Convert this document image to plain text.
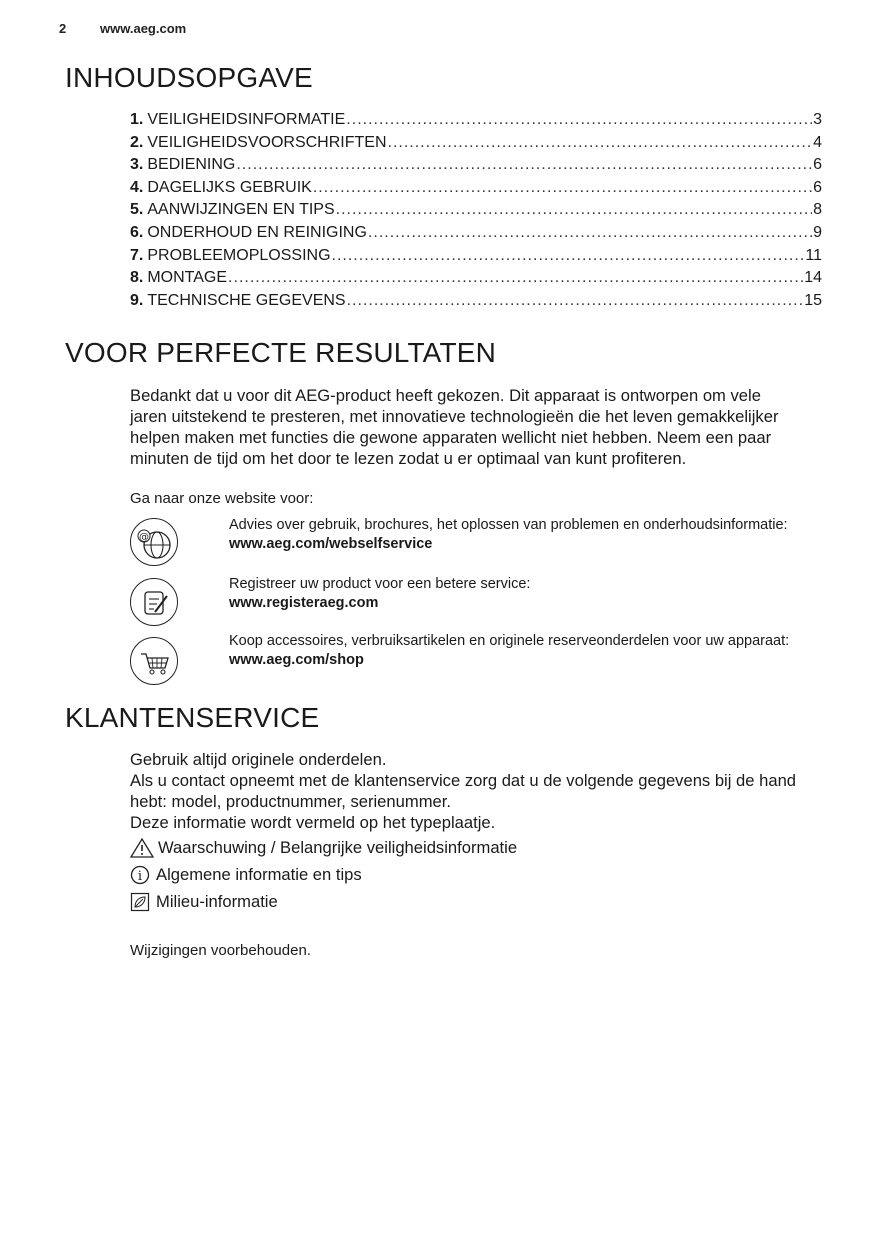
2	www.aeg.com
INHOUDSOPGAVE
1. VEILIGHEIDSINFORMATIE .....	3
2. VEILIGHEIDSVOORSCHRIFTEN .....	4
3. BEDIENING .....	6
4. DAGELIJKS GEBRUIK .....	6
5. AANWIJZINGEN EN TIPS .....	8
6. ONDERHOUD EN REINIGING .....	9
7. PROBLEEMOPLOSSING .....	11
8. MONTAGE .....	14
9. TECHNISCHE GEGEVENS .....	15
VOOR PERFECTE RESULTATEN

Bedankt dat u voor dit AEG-product heeft gekozen. Dit apparaat is ontworpen om vele jaren uitstekend te presteren, met innovatieve technologieën die het leven gemakkelijker helpen maken met functies die gewone apparaten wellicht niet hebben. Neem een paar minuten de tijd om het door te lezen zodat u er optimaal van kunt profiteren.

Ga naar onze website voor:

@
Advies over gebruik, brochures, het oplossen van problemen en onderhoudsinformatie:
www.aeg.com/webselfservice
Registreer uw product voor een betere service:
www.registeraeg.com
Koop accessoires, verbruiksartikelen en originele reserveonderdelen voor uw apparaat:
www.aeg.com/shop
KLANTENSERVICE

Gebruik altijd originele onderdelen.

Als u contact opneemt met de klantenservice zorg dat u de volgende gegevens bij de hand hebt: model, productnummer, serienummer.

Deze informatie wordt vermeld op het typeplaatje.

Waarschuwing / Belangrijke veiligheidsinformatie
i Algemene informatie en tips
Milieu-informatie

Wijzigingen voorbehouden.
